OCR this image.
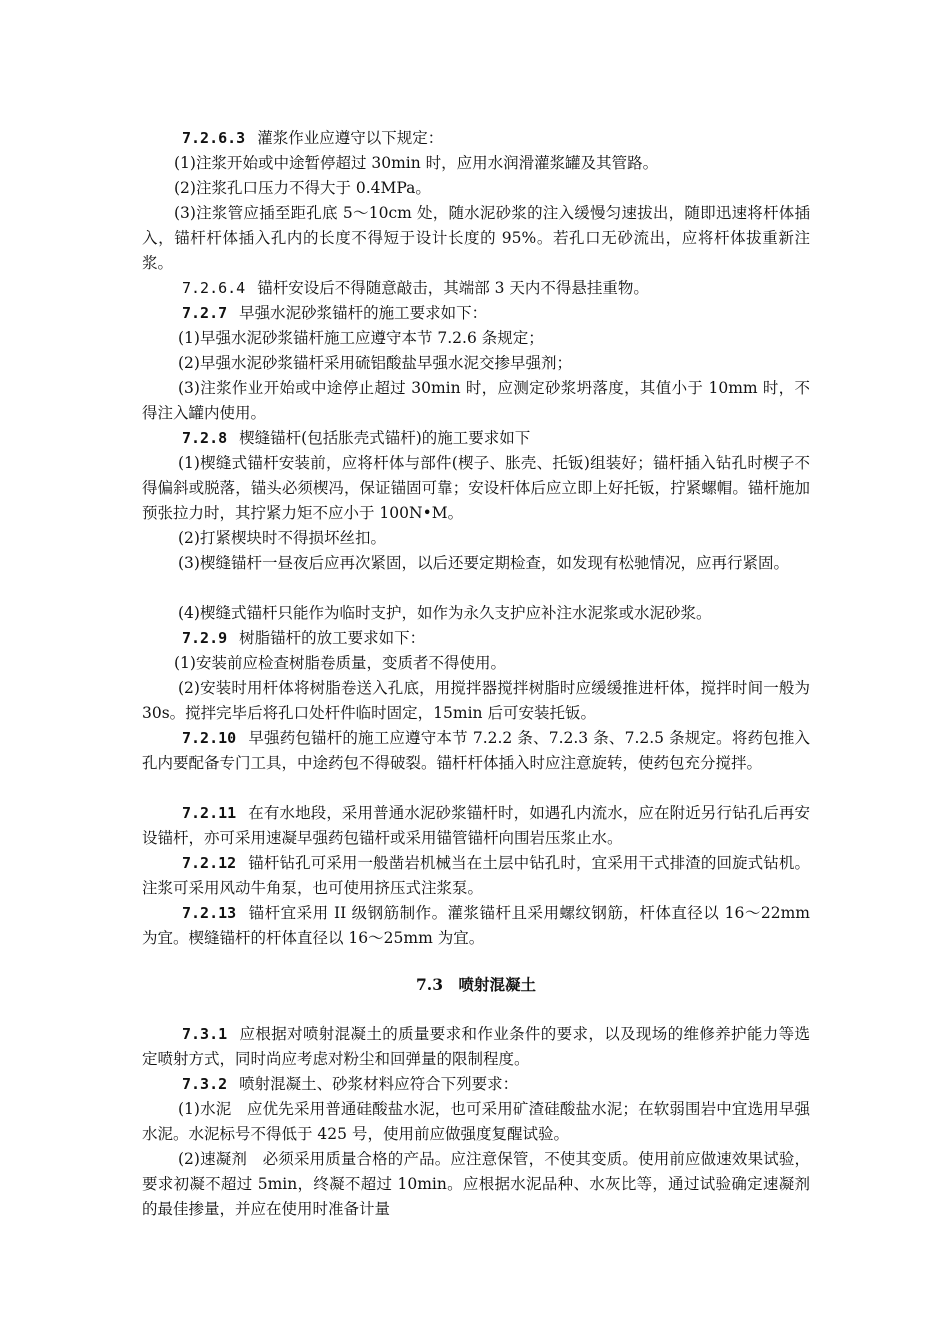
7.2.6.3 灌浆作业应遵守以下规定：

(1)注浆开始或中途暂停超过 30min 时，应用水润滑灌浆罐及其管路。

(2)注浆孔口压力不得大于 0.4MPa。

(3)注浆管应插至距孔底 5～10cm 处，随水泥砂浆的注入缓慢匀速拔出，随即迅速将杆体插入，锚杆杆体插入孔内的长度不得短于设计长度的 95%。若孔口无砂流出，应将杆体拔重新注浆。

7.2.6.4 锚杆安设后不得随意敲击，其端部 3 天内不得悬挂重物。

7.2.7 早强水泥砂浆锚杆的施工要求如下：

(1)早强水泥砂浆锚杆施工应遵守本节 7.2.6 条规定；

(2)早强水泥砂浆锚杆采用硫铝酸盐早强水泥交掺早强剂；

(3)注浆作业开始或中途停止超过 30min 时，应测定砂浆坍落度，其值小于 10mm 时，不得注入罐内使用。

7.2.8 楔缝锚杆(包括胀壳式锚杆)的施工要求如下

(1)楔缝式锚杆安装前，应将杆体与部件(楔子、胀壳、托钣)组装好；锚杆插入钻孔时楔子不得偏斜或脱落，锚头必须楔冯，保证锚固可靠；安设杆体后应立即上好托钣，拧紧螺帽。锚杆施加预张拉力时，其拧紧力矩不应小于 100N•M。

(2)打紧楔块时不得损坏丝扣。

(3)楔缝锚杆一昼夜后应再次紧固，以后还要定期检查，如发现有松驰情况，应再行紧固。

(4)楔缝式锚杆只能作为临时支护，如作为永久支护应补注水泥浆或水泥砂浆。

7.2.9 树脂锚杆的放工要求如下：

(1)安装前应检查树脂卷质量，变质者不得使用。

(2)安装时用杆体将树脂卷送入孔底，用搅拌器搅拌树脂时应缓缓推进杆体，搅拌时间一般为 30s。搅拌完毕后将孔口处杆件临时固定，15min 后可安装托钣。

7.2.10 早强药包锚杆的施工应遵守本节 7.2.2 条、7.2.3 条、7.2.5 条规定。将药包推入孔内要配备专门工具，中途药包不得破裂。锚杆杆体插入时应注意旋转，使药包充分搅拌。

7.2.11 在有水地段，采用普通水泥砂浆锚杆时，如遇孔内流水，应在附近另行钻孔后再安设锚杆，亦可采用速凝早强药包锚杆或采用锚管锚杆向围岩压浆止水。

7.2.12 锚杆钻孔可采用一般凿岩机械当在土层中钻孔时，宜采用干式排渣的回旋式钻机。注浆可采用风动牛角泵，也可使用挤压式注浆泵。

7.2.13 锚杆宜采用 II 级钢筋制作。灌浆锚杆且采用螺纹钢筋，杆体直径以 16～22mm 为宜。楔缝锚杆的杆体直径以 16～25mm 为宜。

7.3　喷射混凝土

7.3.1 应根据对喷射混凝土的质量要求和作业条件的要求，以及现场的维修养护能力等选定喷射方式，同时尚应考虑对粉尘和回弹量的限制程度。

7.3.2 喷射混凝土、砂浆材料应符合下列要求：

(1)水泥　应优先采用普通硅酸盐水泥，也可采用矿渣硅酸盐水泥；在软弱围岩中宜选用早强水泥。水泥标号不得低于 425 号，使用前应做强度复醒试验。

(2)速凝剂　必须采用质量合格的产品。应注意保管，不使其变质。使用前应做速效果试验，要求初凝不超过 5min，终凝不超过 10min。应根据水泥品种、水灰比等，通过试验确定速凝剂的最佳掺量，并应在使用时准备计量
